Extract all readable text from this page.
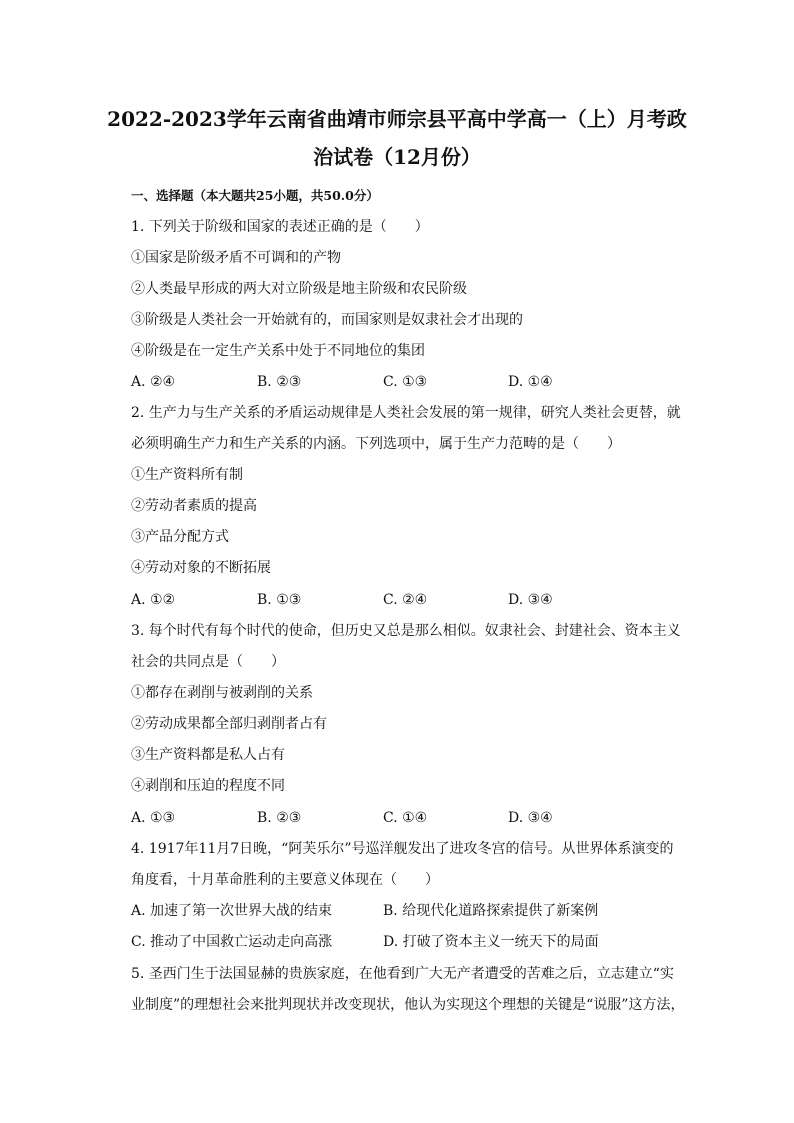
2022-2023学年云南省曲靖市师宗县平高中学高一（上）月考政
治试卷（12月份）
一、选择题（本大题共25小题，共50.0分）
1. 下列关于阶级和国家的表述正确的是（　　）
①国家是阶级矛盾不可调和的产物
②人类最早形成的两大对立阶级是地主阶级和农民阶级
③阶级是人类社会一开始就有的，而国家则是奴隶社会才出现的
④阶级是在一定生产关系中处于不同地位的集团
A. ②④	B. ②③	C. ①③	D. ①④
2. 生产力与生产关系的矛盾运动规律是人类社会发展的第一规律，研究人类社会更替，就
必须明确生产力和生产关系的内涵。下列选项中，属于生产力范畴的是（　　）
①生产资料所有制
②劳动者素质的提高
③产品分配方式
④劳动对象的不断拓展
A. ①②	B. ①③	C. ②④	D. ③④
3. 每个时代有每个时代的使命，但历史又总是那么相似。奴隶社会、封建社会、资本主义
社会的共同点是（　　）
①都存在剥削与被剥削的关系
②劳动成果都全部归剥削者占有
③生产资料都是私人占有
④剥削和压迫的程度不同
A. ①③	B. ②③	C. ①④	D. ③④
4. 1917年11月7日晚，“阿芙乐尔”号巡洋舰发出了进攻冬宫的信号。从世界体系演变的
角度看，十月革命胜利的主要意义体现在（　　）
A. 加速了第一次世界大战的结束	B. 给现代化道路探索提供了新案例
C. 推动了中国救亡运动走向高涨	D. 打破了资本主义一统天下的局面
5. 圣西门生于法国显赫的贵族家庭，在他看到广大无产者遭受的苦难之后，立志建立“实
业制度”的理想社会来批判现状并改变现状，他认为实现这个理想的关键是“说服”这方法，
